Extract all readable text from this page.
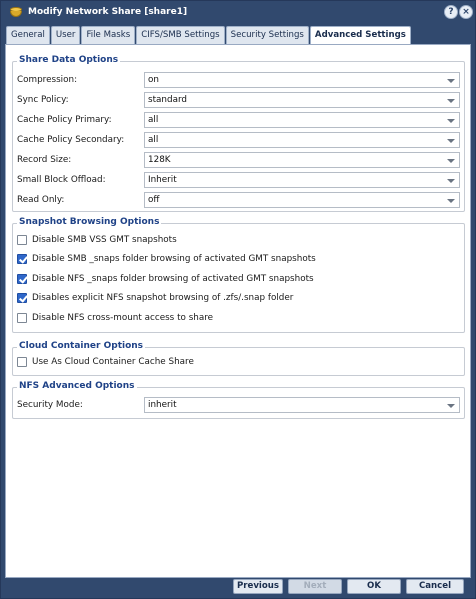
Modify Network Share [share1]	? ×
General	User	File Masks	CIFS/SMB Settings	Security Settings	Advanced Settings
Share Data Options
Compression:	on
Sync Policy:	standard
Cache Policy Primary:	all
Cache Policy Secondary:	all
Record Size:	128K
Small Block Offload:	Inherit
Read Only:	off
Snapshot Browsing Options
Disable SMB VSS GMT snapshots
Disable SMB _snaps folder browsing of activated GMT snapshots
Disable NFS _snaps folder browsing of activated GMT snapshots
Disables explicit NFS snapshot browsing of .zfs/.snap folder
Disable NFS cross-mount access to share
Cloud Container Options
Use As Cloud Container Cache Share
NFS Advanced Options
Security Mode:	inherit
Previous	Next	OK	Cancel
